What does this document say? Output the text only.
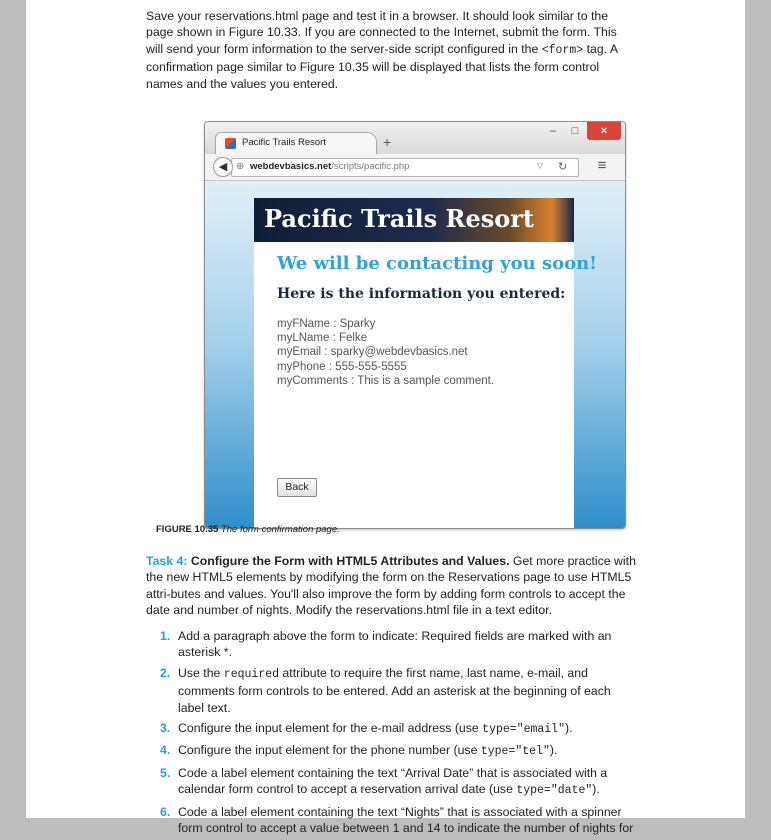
Save your reservations.html page and test it in a browser. It should look similar to the page shown in Figure 10.33. If you are connected to the Internet, submit the form. This will send your form information to the server-side script configured in the <form> tag. A confirmation page similar to Figure 10.35 will be displayed that lists the form control names and the values you entered.

Pacific Trails Resort	+
–	□	×
⊕ webdevbasics.net/scripts/pacific.php	▽ ↻
◀	≡
Pacific Trails Resort
We will be contacting you soon!
Here is the information you entered:
myFName : Sparky
myLName : Felke
myEmail : sparky@webdevbasics.net
myPhone : 555-555-5555
myComments : This is a sample comment.
Back
FIGURE 10.35 The form confirmation page.

Task 4: Configure the Form with HTML5 Attributes and Values. Get more practice with the new HTML5 elements by modifying the form on the Reservations page to use HTML5 attri-butes and values. You'll also improve the form by adding form controls to accept the date and number of nights. Modify the reservations.html file in a text editor.

1. Add a paragraph above the form to indicate: Required fields are marked with an asterisk *.
2. Use the required attribute to require the first name, last name, e-mail, and comments form controls to be entered. Add an asterisk at the beginning of each label text.
3. Configure the input element for the e-mail address (use type="email").
4. Configure the input element for the phone number (use type="tel").
5. Code a label element containing the text “Arrival Date” that is associated with a calendar form control to accept a reservation arrival date (use type="date").
6. Code a label element containing the text “Nights” that is associated with a spinner form control to accept a value between 1 and 14 to indicate the number of nights for
